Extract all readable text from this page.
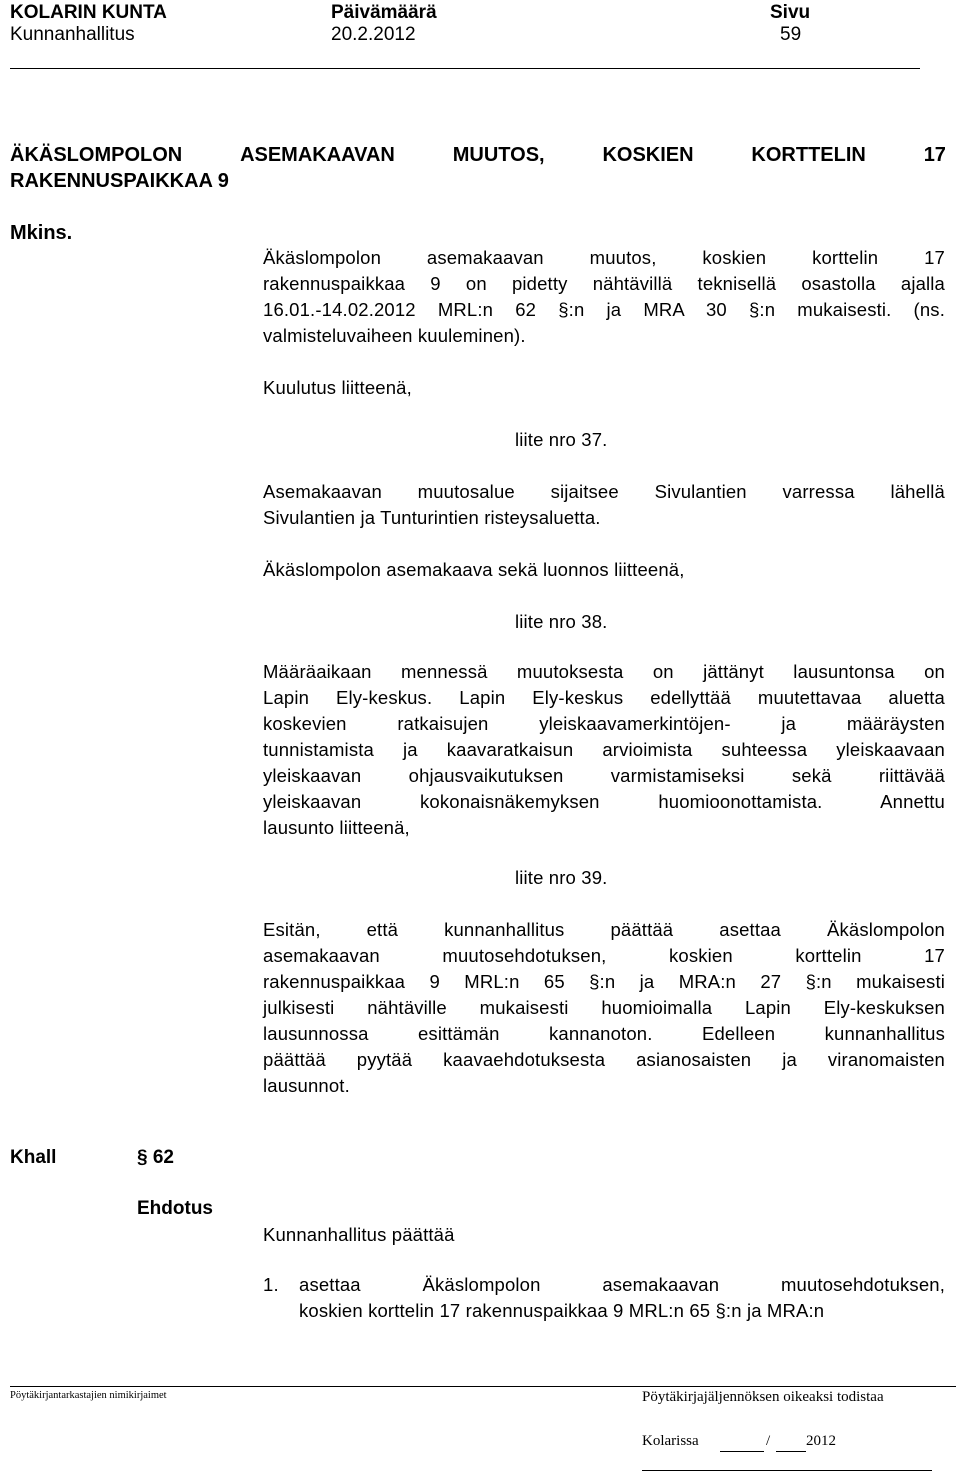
KOLARIN KUNTA
Kunnanhallitus
Päivämäärä
20.2.2012
Sivu
59
ÄKÄSLOMPOLON	ASEMAKAAVAN	MUUTOS,	KOSKIEN	KORTTELIN	17
RAKENNUSPAIKKAA 9
Mkins.
Äkäslompolon asemakaavan muutos, koskien korttelin 17
rakennuspaikkaa 9 on pidetty nähtävillä teknisellä osastolla ajalla
16.01.-14.02.2012 MRL:n 62 §:n ja MRA 30 §:n mukaisesti. (ns.
valmisteluvaiheen kuuleminen).
Kuulutus liitteenä,
liite nro 37.
Asemakaavan muutosalue sijaitsee Sivulantien varressa lähellä
Sivulantien ja Tunturintien risteysaluetta.
Äkäslompolon asemakaava sekä luonnos liitteenä,
liite nro 38.
Määräaikaan mennessä muutoksesta on jättänyt lausuntonsa on
Lapin Ely-keskus. Lapin Ely-keskus edellyttää muutettavaa aluetta
koskevien ratkaisujen yleiskaavamerkintöjen- ja määräysten
tunnistamista ja kaavaratkaisun arvioimista suhteessa yleiskaavaan
yleiskaavan ohjausvaikutuksen varmistamiseksi sekä riittävää
yleiskaavan kokonaisnäkemyksen huomioonottamista. Annettu
lausunto liitteenä,
liite nro 39.
Esitän, että kunnanhallitus päättää asettaa Äkäslompolon
asemakaavan muutosehdotuksen, koskien korttelin 17
rakennuspaikkaa 9 MRL:n 65 §:n ja MRA:n 27 §:n mukaisesti
julkisesti nähtäville mukaisesti huomioimalla Lapin Ely-keskuksen
lausunnossa esittämän kannanoton. Edelleen kunnanhallitus
päättää pyytää kaavaehdotuksesta asianosaisten ja viranomaisten
lausunnot.
Khall	§ 62
Ehdotus
Kunnanhallitus päättää
1.	asettaa Äkäslompolon asemakaavan muutosehdotuksen,
koskien korttelin 17 rakennuspaikkaa 9 MRL:n 65 §:n ja MRA:n
Pöytäkirjantarkastajien nimikirjaimet	Pöytäkirjajäljennöksen oikeaksi todistaa
Kolarissa	/ 2012
